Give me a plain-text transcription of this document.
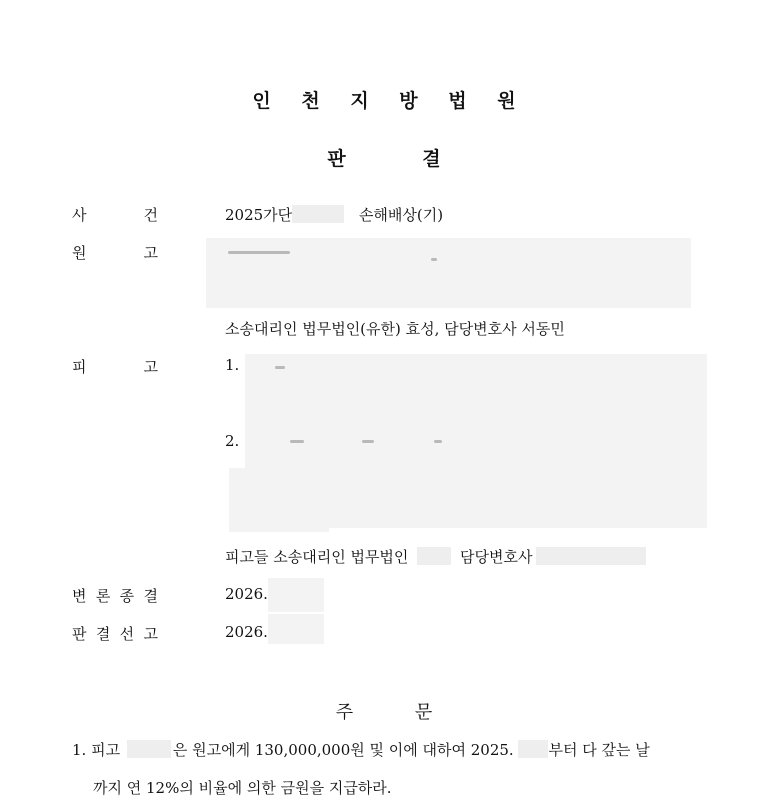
인 천 지 방 법 원
판 결
사	건	2025가단	손해배상(기)
원	고
소송대리인 법무법인(유한) 효성, 담당변호사 서동민
피	고	1.
2.
피고들 소송대리인 법무법인	담당변호사
변 론 종 결	2026.
판 결 선 고	2026.
주 문
1. 피고	은 원고에게 130,000,000원 및 이에 대하여 2025. 부터 다 갚는 날
까지 연 12%의 비율에 의한 금원을 지급하라.
